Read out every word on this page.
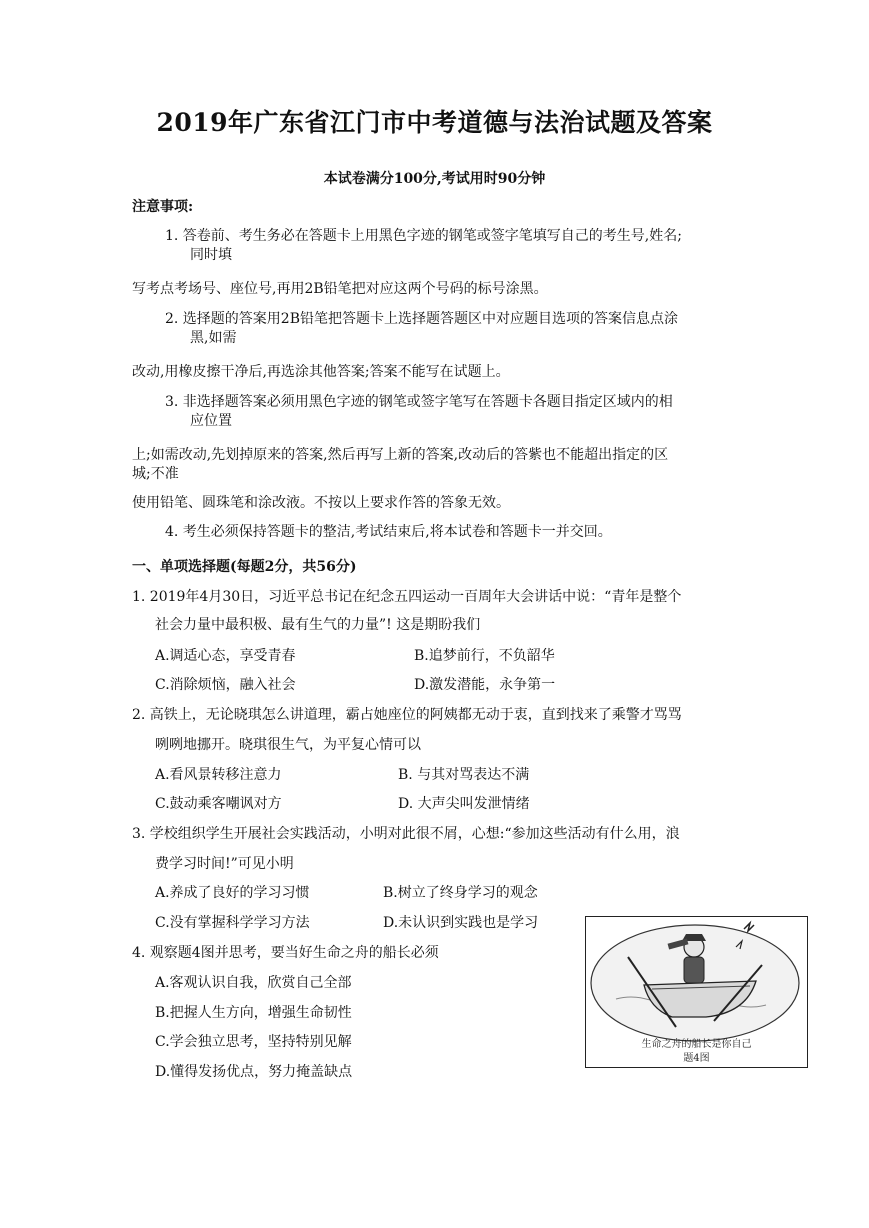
2019年广东省江门市中考道德与法治试题及答案
本试卷满分100分,考试用时90分钟
注意事项:
1. 答卷前、考生务必在答题卡上用黑色字迹的钢笔或签字笔填写自己的考生号,姓名;
同时填
写考点考场号、座位号,再用2B铅笔把对应这两个号码的标号涂黑。
2. 选择题的答案用2B铅笔把答题卡上选择题答题区中对应题目选项的答案信息点涂
黑,如需
改动,用橡皮擦干净后,再选涂其他答案;答案不能写在试题上。
3. 非选择题答案必须用黑色字迹的钢笔或签字笔写在答题卡各题目指定区域内的相
应位置
上;如需改动,先划掉原来的答案,然后再写上新的答案,改动后的答紫也不能超出指定的区
城;不准
使用铅笔、圆珠笔和涂改液。不按以上要求作答的答象无效。
4. 考生必须保持答题卡的整洁,考试结束后,将本试卷和答题卡一并交回。
一、单项选择题(每题2分，共56分)
1. 2019年4月30日，习近平总书记在纪念五四运动一百周年大会讲话中说：“青年是整个
社会力量中最积极、最有生气的力量”! 这是期盼我们
A.调适心态，享受青春	B.追梦前行，不负韶华
C.消除烦恼，融入社会	D.激发潜能，永争第一
2. 高铁上，无论晓琪怎么讲道理，霸占她座位的阿姨都无动于衷，直到找来了乘警才骂骂
咧咧地挪开。晓琪很生气，为平复心情可以
A.看风景转移注意力	B. 与其对骂表达不满
C.鼓动乘客嘲讽对方	D. 大声尖叫发泄情绪
3. 学校组织学生开展社会实践活动，小明对此很不屑，心想:“参加这些活动有什么用，浪
费学习时间!”可见小明
A.养成了良好的学习习惯	B.树立了终身学习的观念
C.没有掌握科学学习方法	D.未认识到实践也是学习
4. 观察题4图并思考，要当好生命之舟的船长必须
A.客观认识自我，欣赏自己全部
B.把握人生方向，增强生命韧性
C.学会独立思考，坚持特别见解
D.懂得发扬优点，努力掩盖缺点
生命之舟的船长是你自己
题4图
